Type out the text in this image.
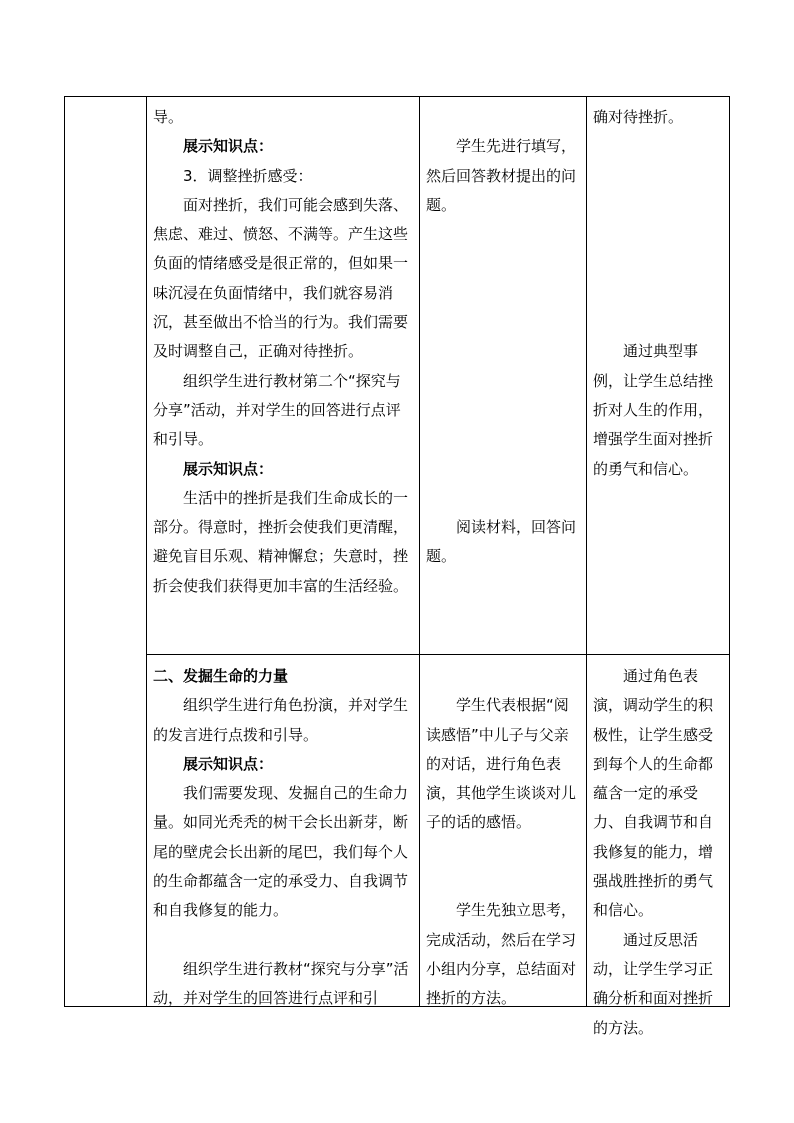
导。

展示知识点：

3．调整挫折感受：

面对挫折，我们可能会感到失落、焦虑、难过、愤怒、不满等。产生这些负面的情绪感受是很正常的，但如果一味沉浸在负面情绪中，我们就容易消沉，甚至做出不恰当的行为。我们需要及时调整自己，正确对待挫折。

组织学生进行教材第二个“探究与分享”活动，并对学生的回答进行点评和引导。

展示知识点：

生活中的挫折是我们生命成长的一部分。得意时，挫折会使我们更清醒，避免盲目乐观、精神懈怠；失意时，挫折会使我们获得更加丰富的生活经验。

学生先进行填写，然后回答教材提出的问题。

阅读材料，回答问题。

确对待挫折。

通过典型事例，让学生总结挫折对人生的作用，增强学生面对挫折的勇气和信心。

二、发掘生命的力量

组织学生进行角色扮演，并对学生的发言进行点拨和引导。

展示知识点：

我们需要发现、发掘自己的生命力量。如同光秃秃的树干会长出新芽，断尾的壁虎会长出新的尾巴，我们每个人的生命都蕴含一定的承受力、自我调节和自我修复的能力。

组织学生进行教材“探究与分享”活动，并对学生的回答进行点评和引

学生代表根据“阅读感悟”中儿子与父亲的对话，进行角色表演，其他学生谈谈对儿子的话的感悟。

学生先独立思考，完成活动，然后在学习小组内分享，总结面对挫折的方法。

通过角色表演，调动学生的积极性，让学生感受到每个人的生命都蕴含一定的承受力、自我调节和自我修复的能力，增强战胜挫折的勇气和信心。

通过反思活动，让学生学习正确分析和面对挫折的方法。
